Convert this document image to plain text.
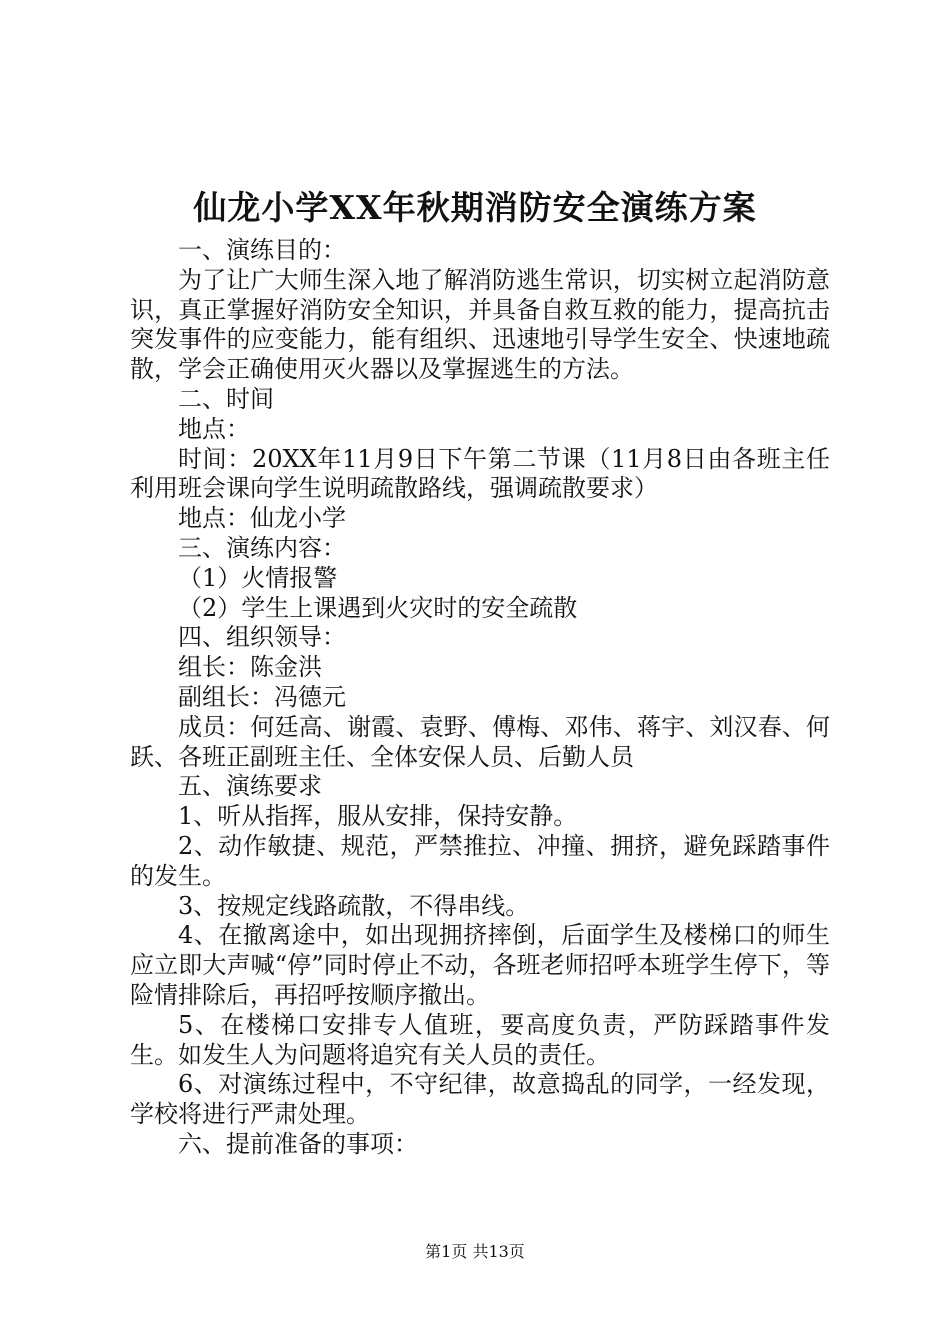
仙龙小学XX年秋期消防安全演练方案

一、演练目的：

为了让广大师生深入地了解消防逃生常识，切实树立起消防意识，真正掌握好消防安全知识，并具备自救互救的能力，提高抗击突发事件的应变能力，能有组织、迅速地引导学生安全、快速地疏散，学会正确使用灭火器以及掌握逃生的方法。

二、时间

地点：

时间：20XX年11月9日下午第二节课（11月8日由各班主任利用班会课向学生说明疏散路线，强调疏散要求）

地点：仙龙小学

三、演练内容：

（1）火情报警

（2）学生上课遇到火灾时的安全疏散

四、组织领导：

组长：陈金洪

副组长：冯德元

成员：何廷高、谢霞、袁野、傅梅、邓伟、蒋宇、刘汉春、何跃、各班正副班主任、全体安保人员、后勤人员

五、演练要求

1、听从指挥，服从安排，保持安静。

2、动作敏捷、规范，严禁推拉、冲撞、拥挤，避免踩踏事件的发生。

3、按规定线路疏散，不得串线。

4、在撤离途中，如出现拥挤摔倒，后面学生及楼梯口的师生应立即大声喊“停”同时停止不动，各班老师招呼本班学生停下，等险情排除后，再招呼按顺序撤出。

5、在楼梯口安排专人值班，要高度负责，严防踩踏事件发生。如发生人为问题将追究有关人员的责任。

6、对演练过程中，不守纪律，故意捣乱的同学，一经发现，学校将进行严肃处理。

六、提前准备的事项：

第1页 共13页
